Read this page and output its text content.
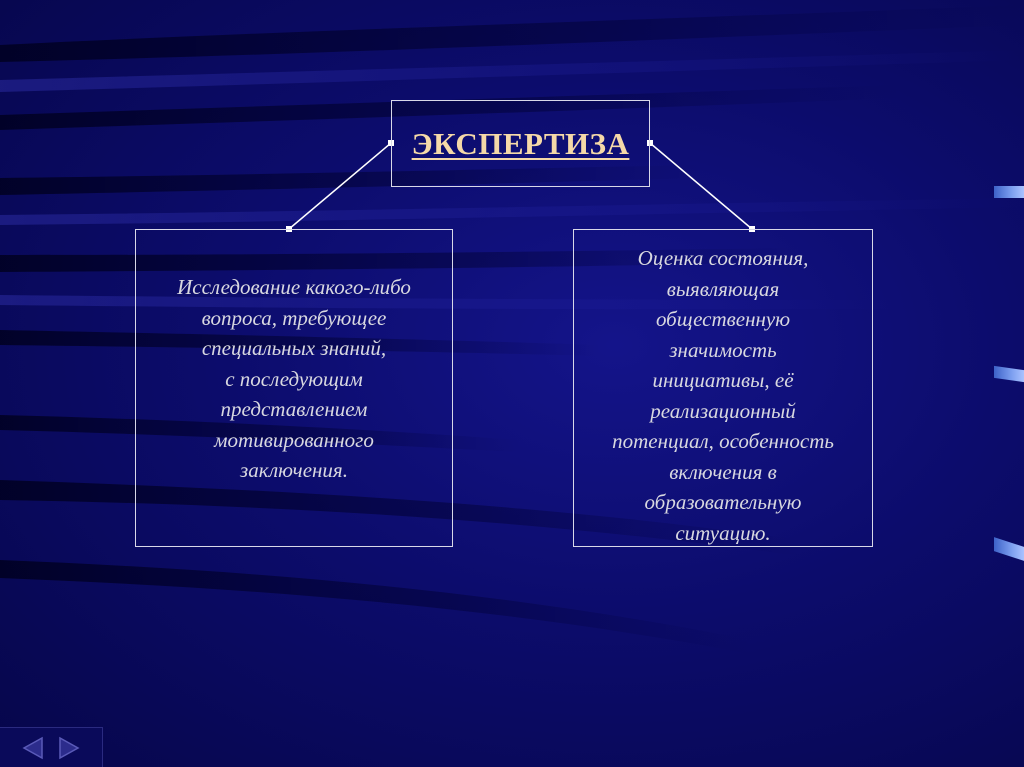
ЭКСПЕРТИЗА
Исследование какого-либо
вопроса, требующее
специальных знаний,
с последующим
представлением
мотивированного
заключения.
Оценка состояния,
выявляющая
общественную
значимость
инициативы, её
реализационный
потенциал, особенность
включения в
образовательную
ситуацию.
